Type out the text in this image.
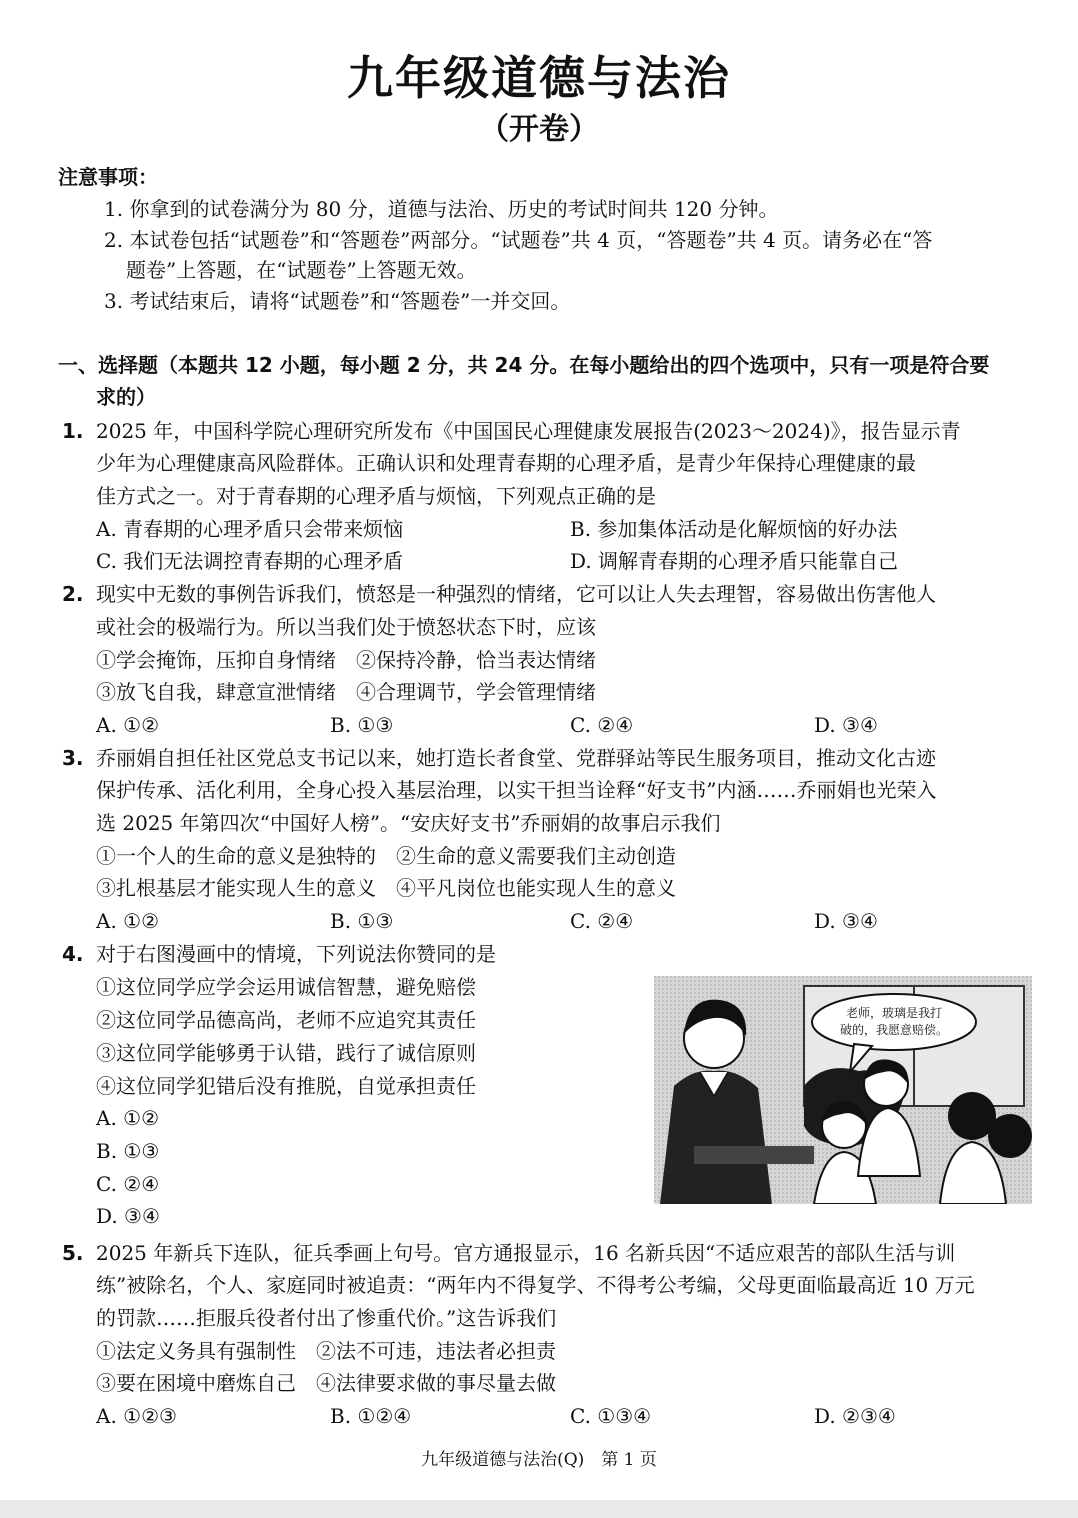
九年级道德与法治
（开卷）
注意事项：
1. 你拿到的试卷满分为 80 分，道德与法治、历史的考试时间共 120 分钟。
2. 本试卷包括“试题卷”和“答题卷”两部分。“试题卷”共 4 页，“答题卷”共 4 页。请务必在“答
题卷”上答题，在“试题卷”上答题无效。
3. 考试结束后，请将“试题卷”和“答题卷”一并交回。
一、选择题（本题共 12 小题，每小题 2 分，共 24 分。在每小题给出的四个选项中，只有一项是符合要
求的）
1. 2025 年，中国科学院心理研究所发布《中国国民心理健康发展报告(2023～2024)》，报告显示青
少年为心理健康高风险群体。正确认识和处理青春期的心理矛盾，是青少年保持心理健康的最
佳方式之一。对于青春期的心理矛盾与烦恼，下列观点正确的是
A. 青春期的心理矛盾只会带来烦恼	B. 参加集体活动是化解烦恼的好办法
C. 我们无法调控青春期的心理矛盾	D. 调解青春期的心理矛盾只能靠自己
2. 现实中无数的事例告诉我们，愤怒是一种强烈的情绪，它可以让人失去理智，容易做出伤害他人
或社会的极端行为。所以当我们处于愤怒状态下时，应该
①学会掩饰，压抑自身情绪　②保持冷静，恰当表达情绪
③放飞自我，肆意宣泄情绪　④合理调节，学会管理情绪
A. ①②	B. ①③	C. ②④	D. ③④
3. 乔丽娟自担任社区党总支书记以来，她打造长者食堂、党群驿站等民生服务项目，推动文化古迹
保护传承、活化利用，全身心投入基层治理，以实干担当诠释“好支书”内涵……乔丽娟也光荣入
选 2025 年第四次“中国好人榜”。“安庆好支书”乔丽娟的故事启示我们
①一个人的生命的意义是独特的　②生命的意义需要我们主动创造
③扎根基层才能实现人生的意义　④平凡岗位也能实现人生的意义
A. ①②	B. ①③	C. ②④	D. ③④
4. 对于右图漫画中的情境，下列说法你赞同的是
①这位同学应学会运用诚信智慧，避免赔偿
②这位同学品德高尚，老师不应追究其责任
③这位同学能够勇于认错，践行了诚信原则
④这位同学犯错后没有推脱，自觉承担责任
A. ①②
B. ①③
C. ②④
D. ③④
老师，玻璃是我打
破的，我愿意赔偿。
5. 2025 年新兵下连队，征兵季画上句号。官方通报显示，16 名新兵因“不适应艰苦的部队生活与训
练”被除名，个人、家庭同时被追责：“两年内不得复学、不得考公考编，父母更面临最高近 10 万元
的罚款……拒服兵役者付出了惨重代价。”这告诉我们
①法定义务具有强制性　②法不可违，违法者必担责
③要在困境中磨炼自己　④法律要求做的事尽量去做
A. ①②③	B. ①②④	C. ①③④	D. ②③④
九年级道德与法治(Q)　第 1 页
